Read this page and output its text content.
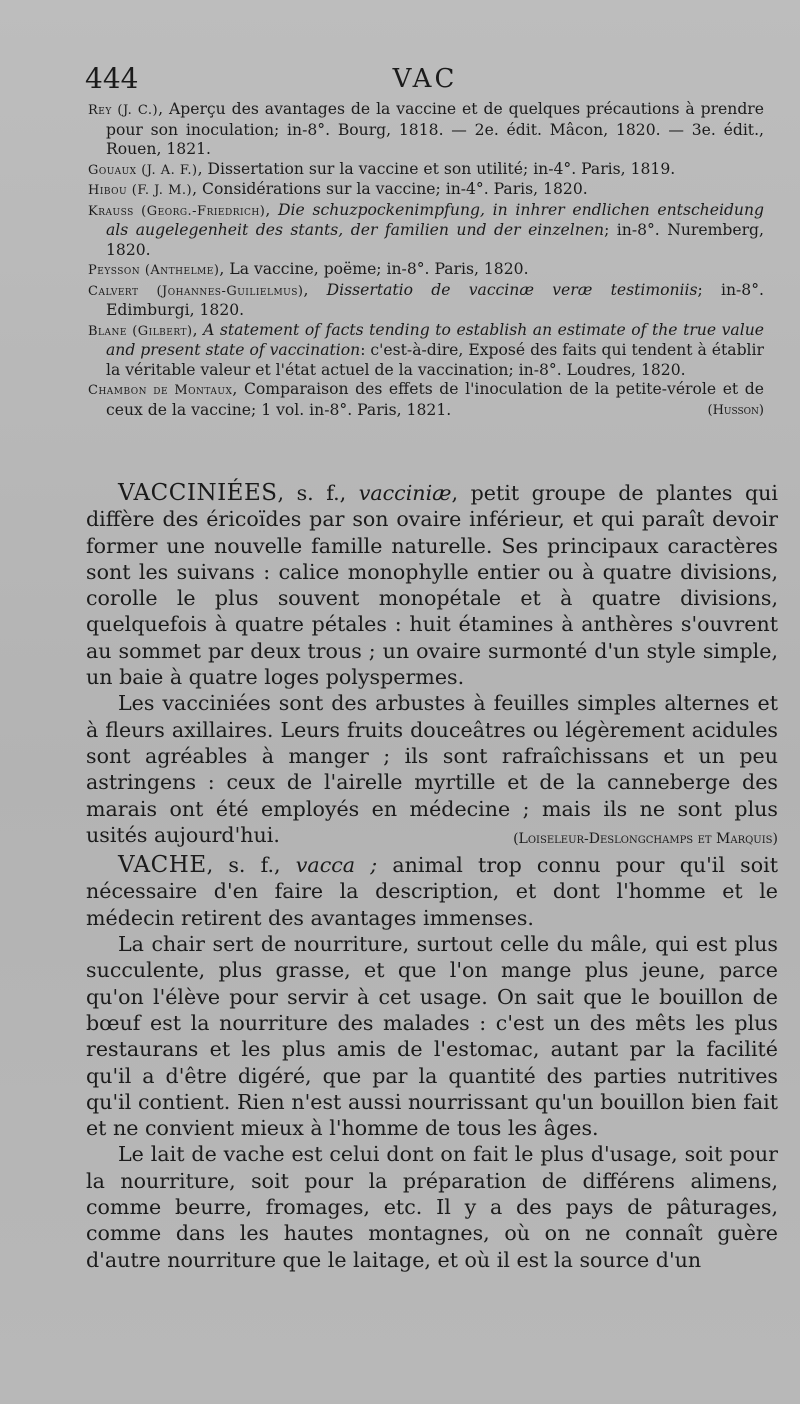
444	VAC

Rey (J. C.), Aperçu des avantages de la vaccine et de quelques précautions à prendre pour son inoculation; in-8°. Bourg, 1818. — 2e. édit. Mâcon, 1820. — 3e. édit., Rouen, 1821.

Gouaux (J. A. F.), Dissertation sur la vaccine et son utilité; in-4°. Paris, 1819.

Hibou (F. J. M.), Considérations sur la vaccine; in-4°. Paris, 1820.

Krauss (Georg.-Friedrich), Die schuzpockenimpfung, in inhrer endlichen entscheidung als augelegenheit des stants, der familien und der einzelnen; in-8°. Nuremberg, 1820.

Peysson (Anthelme), La vaccine, poëme; in-8°. Paris, 1820.

Calvert (Johannes-Guilielmus), Dissertatio de vaccinæ veræ testimoniis; in-8°. Edimburgi, 1820.

Blane (Gilbert), A statement of facts tending to establish an estimate of the true value and present state of vaccination: c'est-à-dire, Exposé des faits qui tendent à établir la véritable valeur et l'état actuel de la vaccination; in-8°. Loudres, 1820.

Chambon de Montaux, Comparaison des effets de l'inoculation de la petite-vérole et de ceux de la vaccine; 1 vol. in-8°. Paris, 1821.	(Husson)

VACCINIÉES, s. f., vacciniæ, petit groupe de plantes qui diffère des éricoïdes par son ovaire inférieur, et qui paraît devoir former une nouvelle famille naturelle. Ses principaux caractères sont les suivans : calice monophylle entier ou à quatre divisions, corolle le plus souvent monopétale et à quatre divisions, quelquefois à quatre pétales : huit étamines à anthères s'ouvrent au sommet par deux trous ; un ovaire surmonté d'un style simple, un baie à quatre loges polyspermes.

Les vacciniées sont des arbustes à feuilles simples alternes et à fleurs axillaires. Leurs fruits douceâtres ou légèrement acidules sont agréables à manger ; ils sont rafraîchissans et un peu astringens : ceux de l'airelle myrtille et de la canneberge des marais ont été employés en médecine ; mais ils ne sont plus usités aujourd'hui.	(Loiseleur-Deslongchamps et Marquis)

VACHE, s. f., vacca ; animal trop connu pour qu'il soit nécessaire d'en faire la description, et dont l'homme et le médecin retirent des avantages immenses.

La chair sert de nourriture, surtout celle du mâle, qui est plus succulente, plus grasse, et que l'on mange plus jeune, parce qu'on l'élève pour servir à cet usage. On sait que le bouillon de bœuf est la nourriture des malades : c'est un des mêts les plus restaurans et les plus amis de l'estomac, autant par la facilité qu'il a d'être digéré, que par la quantité des parties nutritives qu'il contient. Rien n'est aussi nourrissant qu'un bouillon bien fait et ne convient mieux à l'homme de tous les âges.

Le lait de vache est celui dont on fait le plus d'usage, soit pour la nourriture, soit pour la préparation de différens alimens, comme beurre, fromages, etc. Il y a des pays de pâturages, comme dans les hautes montagnes, où on ne connaît guère d'autre nourriture que le laitage, et où il est la source d'un
